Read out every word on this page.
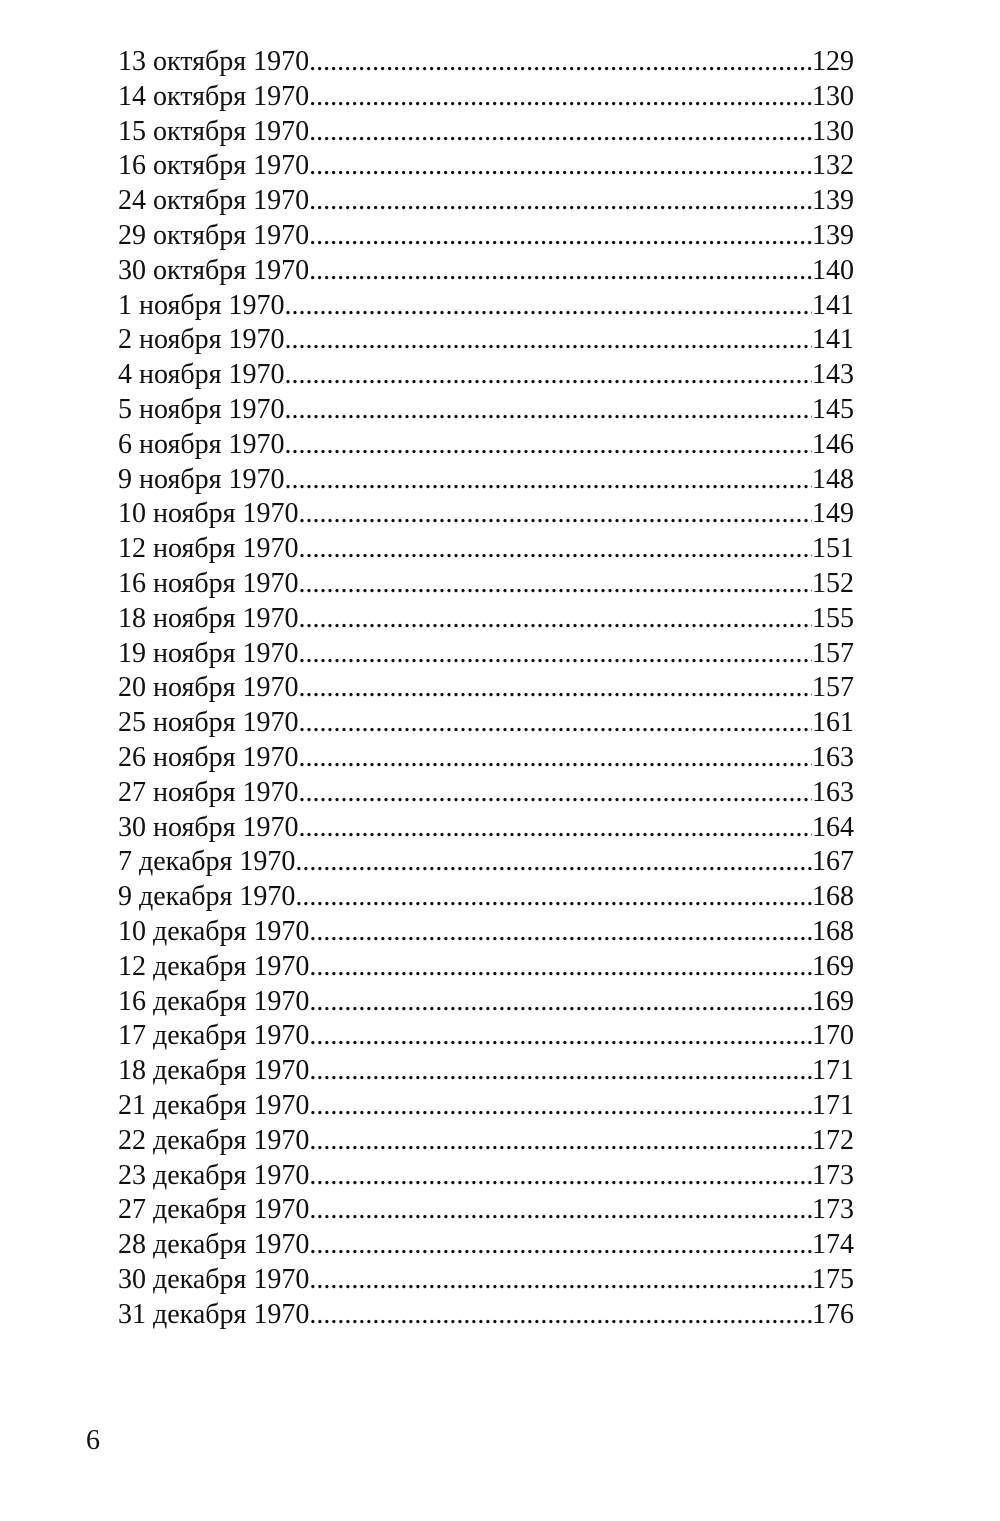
13 октября 1970 .....	129
14 октября 1970 .....	130
15 октября 1970 .....	130
16 октября 1970 .....	132
24 октября 1970 .....	139
29 октября 1970 .....	139
30 октября 1970 .....	140
1 ноября 1970 .....	141
2 ноября 1970 .....	141
4 ноября 1970 .....	143
5 ноября 1970 .....	145
6 ноября 1970 .....	146
9 ноября 1970 .....	148
10 ноября 1970 .....	149
12 ноября 1970 .....	151
16 ноября 1970 .....	152
18 ноября 1970 .....	155
19 ноября 1970 .....	157
20 ноября 1970 .....	157
25 ноября 1970 .....	161
26 ноября 1970 .....	163
27 ноября 1970 .....	163
30 ноября 1970 .....	164
7 декабря 1970 .....	167
9 декабря 1970 .....	168
10 декабря 1970 .....	168
12 декабря 1970 .....	169
16 декабря 1970 .....	169
17 декабря 1970 .....	170
18 декабря 1970 .....	171
21 декабря 1970 .....	171
22 декабря 1970 .....	172
23 декабря 1970 .....	173
27 декабря 1970 .....	173
28 декабря 1970 .....	174
30 декабря 1970 .....	175
31 декабря 1970 .....	176
6
